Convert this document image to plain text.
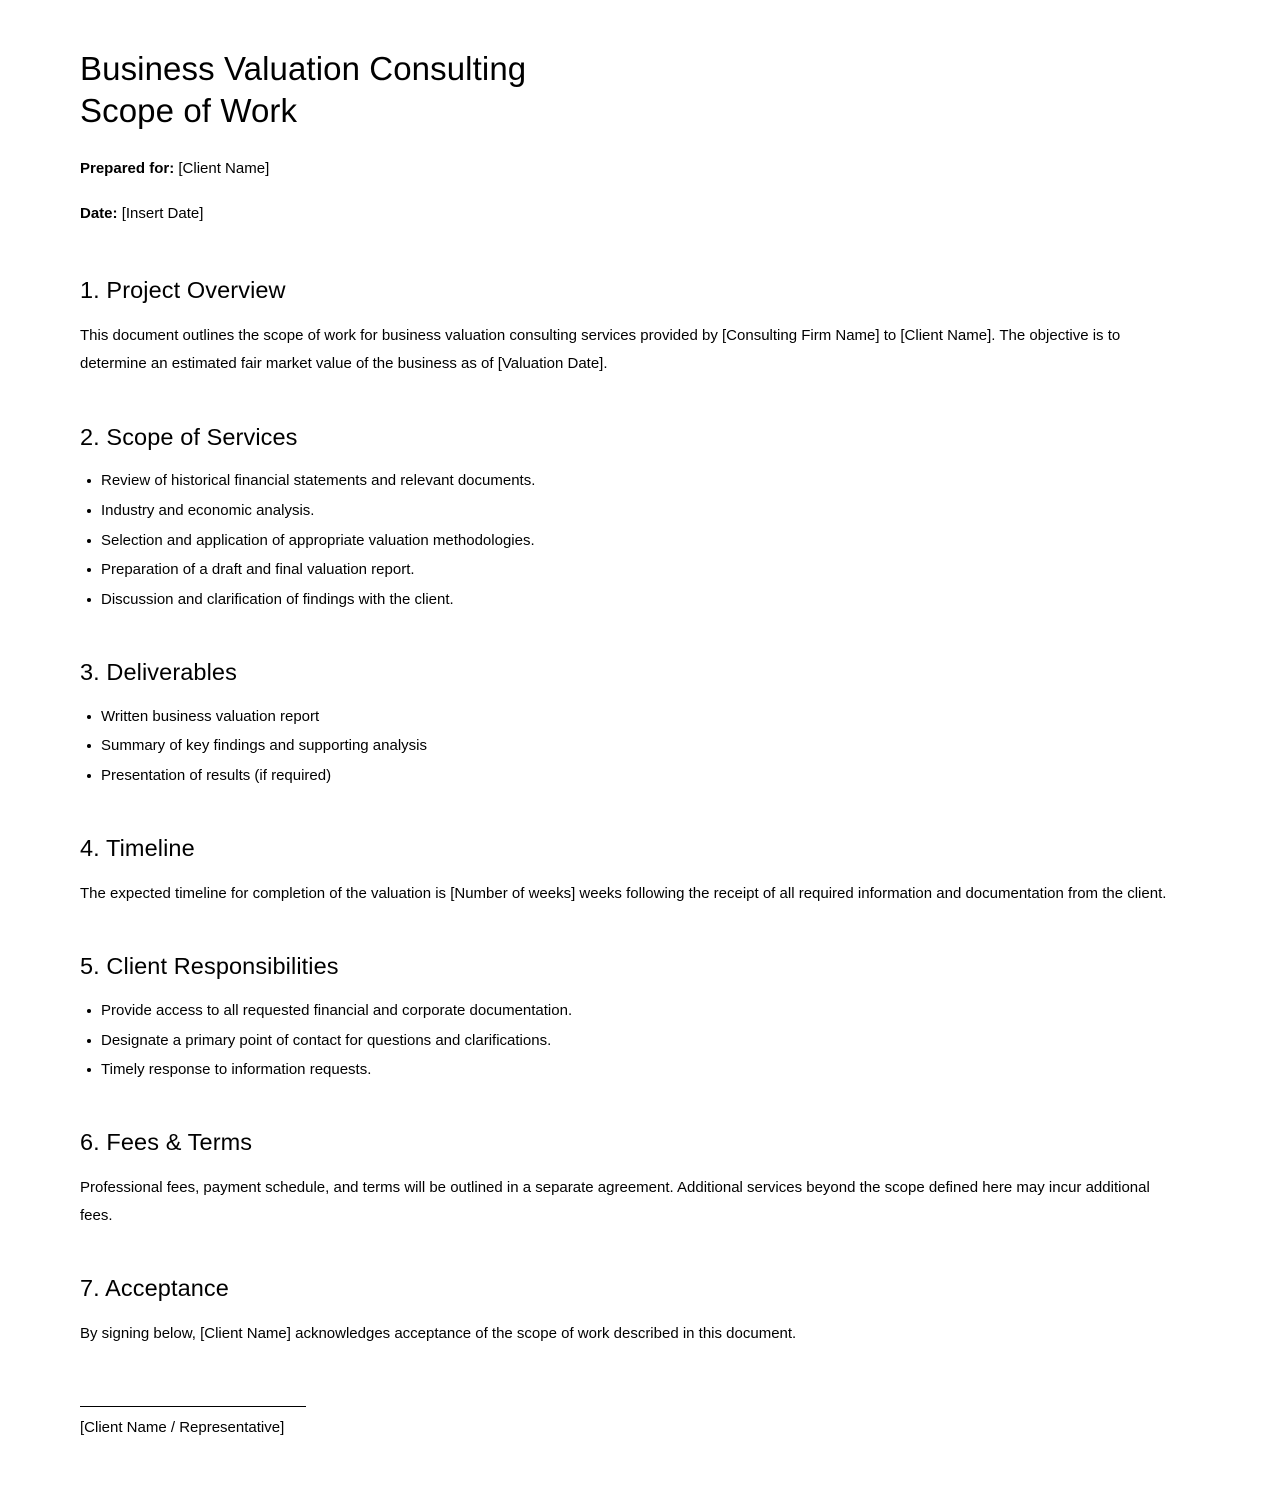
Business Valuation Consulting
Scope of Work

Prepared for: [Client Name]

Date: [Insert Date]

1. Project Overview

This document outlines the scope of work for business valuation consulting services provided by [Consulting Firm Name] to [Client Name]. The objective is to determine an estimated fair market value of the business as of [Valuation Date].

2. Scope of Services
Review of historical financial statements and relevant documents.
Industry and economic analysis.
Selection and application of appropriate valuation methodologies.
Preparation of a draft and final valuation report.
Discussion and clarification of findings with the client.
3. Deliverables
Written business valuation report
Summary of key findings and supporting analysis
Presentation of results (if required)
4. Timeline

The expected timeline for completion of the valuation is [Number of weeks] weeks following the receipt of all required information and documentation from the client.

5. Client Responsibilities
Provide access to all requested financial and corporate documentation.
Designate a primary point of contact for questions and clarifications.
Timely response to information requests.
6. Fees & Terms

Professional fees, payment schedule, and terms will be outlined in a separate agreement. Additional services beyond the scope defined here may incur additional fees.

7. Acceptance

By signing below, [Client Name] acknowledges acceptance of the scope of work described in this document.

[Client Name / Representative]
